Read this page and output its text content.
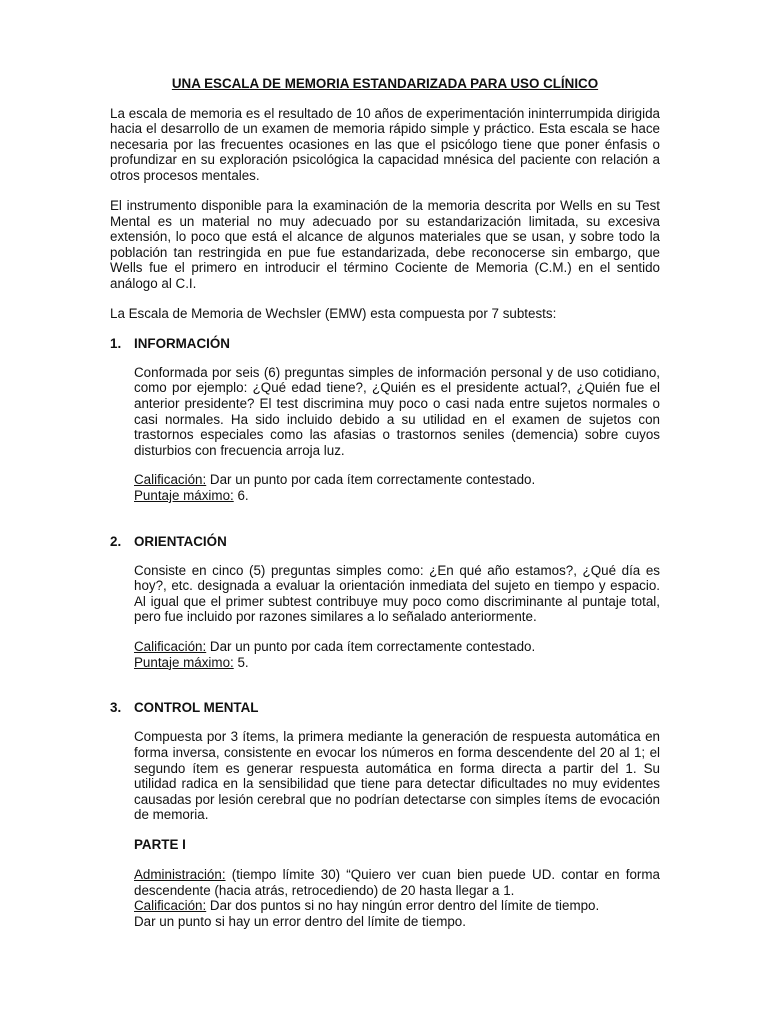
UNA ESCALA DE MEMORIA ESTANDARIZADA PARA USO CLÍNICO

La escala de memoria es el resultado de 10 años de experimentación ininterrumpida dirigida hacia el desarrollo de un examen de memoria rápido simple y práctico. Esta escala se hace necesaria por las frecuentes ocasiones en las que el psicólogo tiene que poner énfasis o profundizar en su exploración psicológica la capacidad mnésica del paciente con relación a otros procesos mentales.

El instrumento disponible para la examinación de la memoria descrita por Wells en su Test Mental es un material no muy adecuado por su estandarización limitada, su excesiva extensión, lo poco que está el alcance de algunos materiales que se usan, y sobre todo la población tan restringida en pue fue estandarizada, debe reconocerse sin embargo, que Wells fue el primero en introducir el término Cociente de Memoria (C.M.) en el sentido análogo al C.I.

La Escala de Memoria de Wechsler (EMW) esta compuesta por 7 subtests:

1. INFORMACIÓN

Conformada por seis (6) preguntas simples de información personal y de uso cotidiano, como por ejemplo: ¿Qué edad tiene?, ¿Quién es el presidente actual?, ¿Quién fue el anterior presidente? El test discrimina muy poco o casi nada entre sujetos normales o casi normales. Ha sido incluido debido a su utilidad en el examen de sujetos con trastornos especiales como las afasias o trastornos seniles (demencia) sobre cuyos disturbios con frecuencia arroja luz.

Calificación: Dar un punto por cada ítem correctamente contestado.

Puntaje máximo: 6.

2. ORIENTACIÓN

Consiste en cinco (5) preguntas simples como: ¿En qué año estamos?, ¿Qué día es hoy?, etc. designada a evaluar la orientación inmediata del sujeto en tiempo y espacio. Al igual que el primer subtest contribuye muy poco como discriminante al puntaje total, pero fue incluido por razones similares a lo señalado anteriormente.

Calificación: Dar un punto por cada ítem correctamente contestado.

Puntaje máximo: 5.

3. CONTROL MENTAL

Compuesta por 3 ítems, la primera mediante la generación de respuesta automática en forma inversa, consistente en evocar los números en forma descendente del 20 al 1; el segundo ítem es generar respuesta automática en forma directa a partir del 1. Su utilidad radica en la sensibilidad que tiene para detectar dificultades no muy evidentes causadas por lesión cerebral que no podrían detectarse con simples ítems de evocación de memoria.

PARTE I

Administración: (tiempo límite 30) “Quiero ver cuan bien puede UD. contar en forma descendente (hacia atrás, retrocediendo) de 20 hasta llegar a 1.

Calificación: Dar dos puntos si no hay ningún error dentro del límite de tiempo.

Dar un punto si hay un error dentro del límite de tiempo.
